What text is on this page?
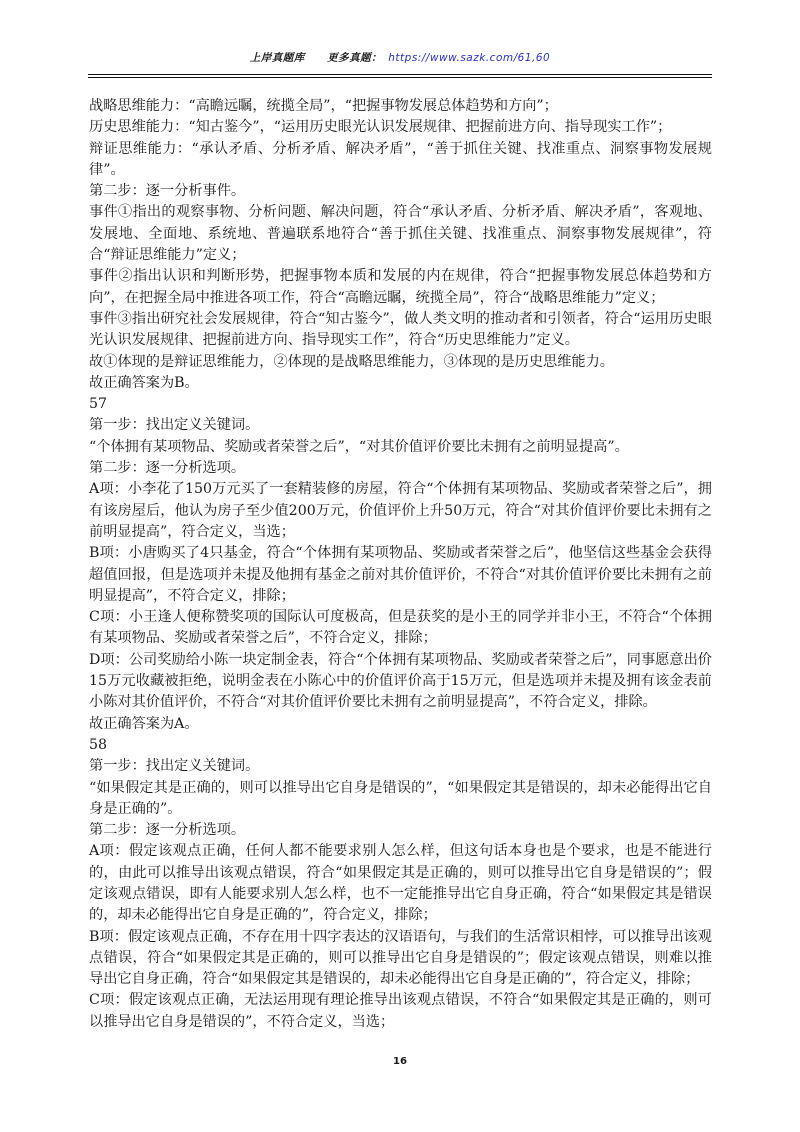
上岸真题库 更多真题： https://www.sazk.com/61,60

战略思维能力：“高瞻远瞩，统揽全局”，“把握事物发展总体趋势和方向”；

历史思维能力：“知古鉴今”，“运用历史眼光认识发展规律、把握前进方向、指导现实工作”；

辩证思维能力：“承认矛盾、分析矛盾、解决矛盾”，“善于抓住关键、找准重点、洞察事物发展规律”。

第二步：逐一分析事件。

事件①指出的观察事物、分析问题、解决问题，符合“承认矛盾、分析矛盾、解决矛盾”，客观地、发展地、全面地、系统地、普遍联系地符合“善于抓住关键、找准重点、洞察事物发展规律”，符合“辩证思维能力”定义；

事件②指出认识和判断形势，把握事物本质和发展的内在规律，符合“把握事物发展总体趋势和方向”，在把握全局中推进各项工作，符合“高瞻远瞩，统揽全局”，符合“战略思维能力”定义；

事件③指出研究社会发展规律，符合“知古鉴今”，做人类文明的推动者和引领者，符合“运用历史眼光认识发展规律、把握前进方向、指导现实工作”，符合“历史思维能力”定义。

故①体现的是辩证思维能力，②体现的是战略思维能力，③体现的是历史思维能力。

故正确答案为B。

57

第一步：找出定义关键词。

“个体拥有某项物品、奖励或者荣誉之后”，“对其价值评价要比未拥有之前明显提高”。

第二步：逐一分析选项。

A项：小李花了150万元买了一套精装修的房屋，符合“个体拥有某项物品、奖励或者荣誉之后”，拥有该房屋后，他认为房子至少值200万元，价值评价上升50万元，符合“对其价值评价要比未拥有之前明显提高”，符合定义，当选；

B项：小唐购买了4只基金，符合“个体拥有某项物品、奖励或者荣誉之后”，他坚信这些基金会获得超值回报，但是选项并未提及他拥有基金之前对其价值评价，不符合“对其价值评价要比未拥有之前明显提高”，不符合定义，排除；

C项：小王逢人便称赞奖项的国际认可度极高，但是获奖的是小王的同学并非小王，不符合“个体拥有某项物品、奖励或者荣誉之后”，不符合定义，排除；

D项：公司奖励给小陈一块定制金表，符合“个体拥有某项物品、奖励或者荣誉之后”，同事愿意出价15万元收藏被拒绝，说明金表在小陈心中的价值评价高于15万元，但是选项并未提及拥有该金表前小陈对其价值评价，不符合“对其价值评价要比未拥有之前明显提高”，不符合定义，排除。

故正确答案为A。

58

第一步：找出定义关键词。

“如果假定其是正确的，则可以推导出它自身是错误的”，“如果假定其是错误的，却未必能得出它自身是正确的”。

第二步：逐一分析选项。

A项：假定该观点正确，任何人都不能要求别人怎么样，但这句话本身也是个要求，也是不能进行的，由此可以推导出该观点错误，符合“如果假定其是正确的，则可以推导出它自身是错误的”；假定该观点错误，即有人能要求别人怎么样，也不一定能推导出它自身正确，符合“如果假定其是错误的，却未必能得出它自身是正确的”，符合定义，排除；

B项：假定该观点正确，不存在用十四字表达的汉语语句，与我们的生活常识相悖，可以推导出该观点错误，符合“如果假定其是正确的，则可以推导出它自身是错误的”；假定该观点错误，则难以推导出它自身正确，符合“如果假定其是错误的，却未必能得出它自身是正确的”，符合定义，排除；

C项：假定该观点正确，无法运用现有理论推导出该观点错误，不符合“如果假定其是正确的，则可以推导出它自身是错误的”，不符合定义，当选；

16
